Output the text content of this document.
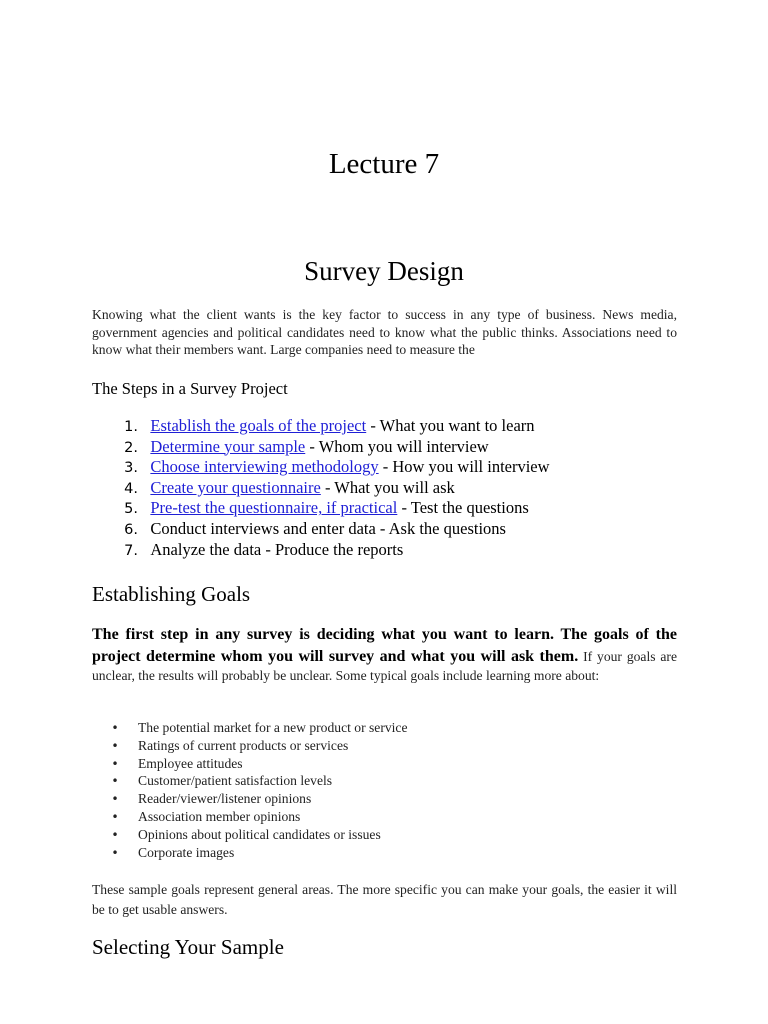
Lecture 7
Survey Design

Knowing what the client wants is the key factor to success in any type of business. News media, government agencies and political candidates need to know what the public thinks. Associations need to know what their members want. Large companies need to measure the

The Steps in a Survey Project
1. Establish the goals of the project - What you want to learn
2. Determine your sample - Whom you will interview
3. Choose interviewing methodology - How you will interview
4. Create your questionnaire - What you will ask
5. Pre-test the questionnaire, if practical - Test the questions
6. Conduct interviews and enter data - Ask the questions
7. Analyze the data - Produce the reports
Establishing Goals

The first step in any survey is deciding what you want to learn. The goals of the project determine whom you will survey and what you will ask them. If your goals are unclear, the results will probably be unclear. Some typical goals include learning more about:

• The potential market for a new product or service
• Ratings of current products or services
• Employee attitudes
• Customer/patient satisfaction levels
• Reader/viewer/listener opinions
• Association member opinions
• Opinions about political candidates or issues
• Corporate images

These sample goals represent general areas. The more specific you can make your goals, the easier it will be to get usable answers.

Selecting Your Sample
